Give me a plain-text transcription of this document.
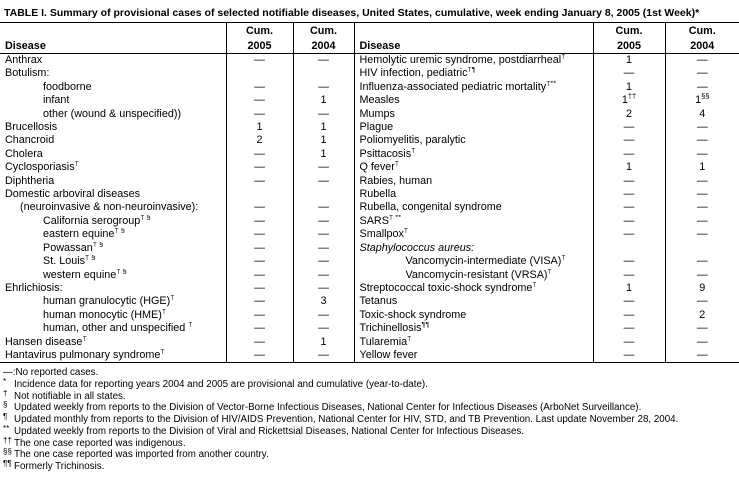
TABLE I. Summary of provisional cases of selected notifiable diseases, United States, cumulative, week ending January 8, 2005 (1st Week)*
Disease	Cum.	Cum.	Disease	Cum.	Cum.
	2005	2004		2005	2004
Anthrax	—	—	Hemolytic uremic syndrome, postdiarrheal†	1	—
Botulism:			HIV infection, pediatric†¶	—	—
foodborne	—	—	Influenza-associated pediatric mortality†**	1	—
infant	—	1	Measles	1††	1§§
other (wound & unspecified))	—	—	Mumps	2	4
Brucellosis	1	1	Plague	—	—
Chancroid	2	1	Poliomyelitis, paralytic	—	—
Cholera	—	1	Psittacosis†	—	—
Cyclosporiasis†	—	—	Q fever†	1	1
Diphtheria	—	—	Rabies, human	—	—
Domestic arboviral diseases			Rubella	—	—
(neuroinvasive & non-neuroinvasive):	—	—	Rubella, congenital syndrome	—	—
California serogroup† §	—	—	SARS† **	—	—
eastern equine† §	—	—	Smallpox†	—	—
Powassan† §	—	—	Staphylococcus aureus:		
St. Louis† §	—	—	Vancomycin-intermediate (VISA)†	—	—
western equine† §	—	—	Vancomycin-resistant (VRSA)†	—	—
Ehrlichiosis:	—	—	Streptococcal toxic-shock syndrome†	1	9
human granulocytic (HGE)†	—	3	Tetanus	—	—
human monocytic (HME)†	—	—	Toxic-shock syndrome	—	2
human, other and unspecified †	—	—	Trichinellosis¶¶	—	—
Hansen disease†	—	1	Tularemia†	—	—
Hantavirus pulmonary syndrome†	—	—	Yellow fever	—	—
—:No reported cases.
* Incidence data for reporting years 2004 and 2005 are provisional and cumulative (year-to-date).
† Not notifiable in all states.
§ Updated weekly from reports to the Division of Vector-Borne Infectious Diseases, National Center for Infectious Diseases (ArboNet Surveillance).
¶ Updated monthly from reports to the Division of HIV/AIDS Prevention, National Center for HIV, STD, and TB Prevention. Last update November 28, 2004.
** Updated weekly from reports to the Division of Viral and Rickettsial Diseases, National Center for Infectious Diseases.
†† The one case reported was indigenous.
§§ The one case reported was imported from another country.
¶¶ Formerly Trichinosis.
